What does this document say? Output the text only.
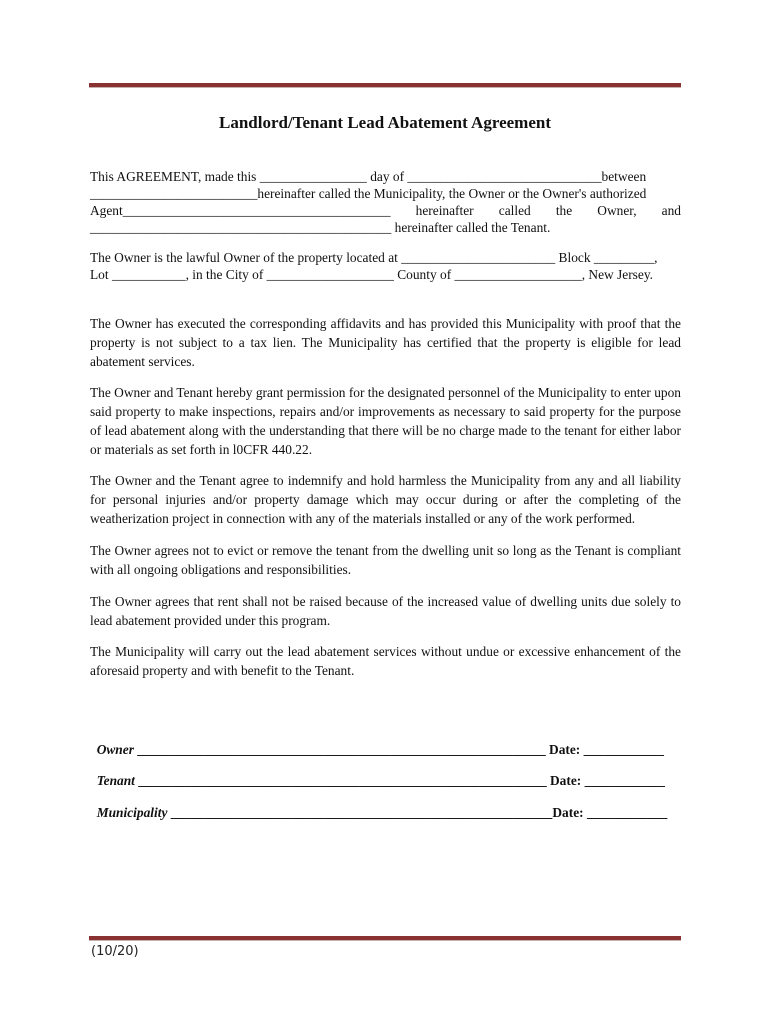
Landlord/Tenant Lead Abatement Agreement
This AGREEMENT, made this ________________ day of _____________________________between
_________________________hereinafter called the Municipality, the Owner or the Owner's authorized
Agent________________________________________ hereinafter called the Owner, and
_____________________________________________ hereinafter called the Tenant.
The Owner is the lawful Owner of the property located at _______________________ Block _________,
Lot ___________, in the City of ___________________ County of ___________________, New Jersey.
The Owner has executed the corresponding affidavits and has provided this Municipality with proof that the property is not subject to a tax lien. The Municipality has certified that the property is eligible for lead abatement services.
The Owner and Tenant hereby grant permission for the designated personnel of the Municipality to enter upon said property to make inspections, repairs and/or improvements as necessary to said property for the purpose of lead abatement along with the understanding that there will be no charge made to the tenant for either labor or materials as set forth in l0CFR 440.22.
The Owner and the Tenant agree to indemnify and hold harmless the Municipality from any and all liability for personal injuries and/or property damage which may occur during or after the completing of the weatherization project in connection with any of the materials installed or any of the work performed.
The Owner agrees not to evict or remove the tenant from the dwelling unit so long as the Tenant is compliant with all ongoing obligations and responsibilities.
The Owner agrees that rent shall not be raised because of the increased value of dwelling units due solely to lead abatement provided under this program.
The Municipality will carry out the lead abatement services without undue or excessive enhancement of the aforesaid property and with benefit to the Tenant.

Owner _____________________________________________________________ Date: ____________

Tenant _____________________________________________________________ Date: ____________

Municipality _________________________________________________________Date: ____________

(10/20)
